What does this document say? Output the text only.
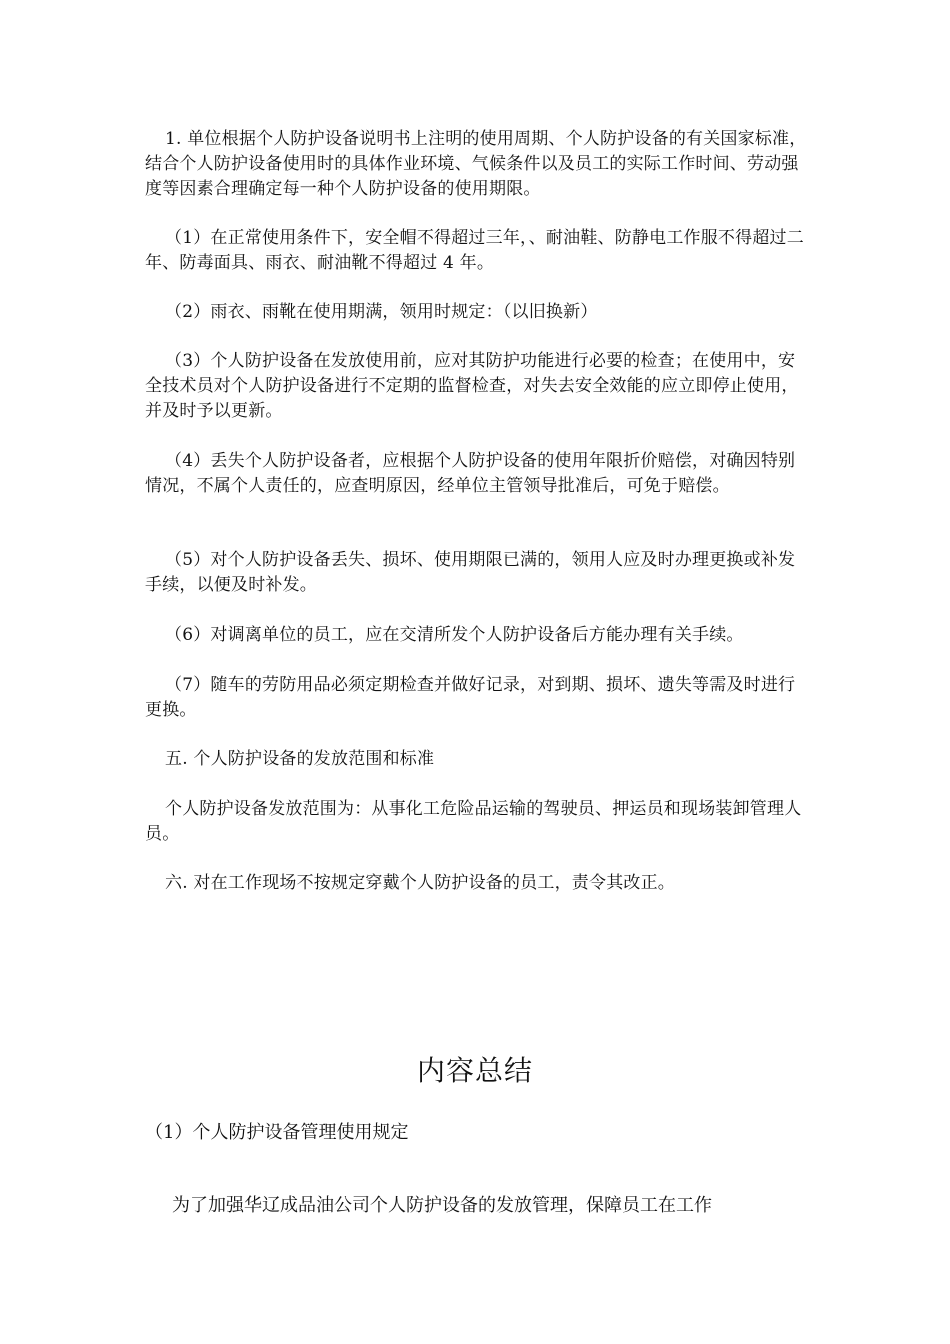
1. 单位根据个人防护设备说明书上注明的使用周期、个人防护设备的有关国家标准，结合个人防护设备使用时的具体作业环境、气候条件以及员工的实际工作时间、劳动强度等因素合理确定每一种个人防护设备的使用期限。

（1）在正常使用条件下，安全帽不得超过三年，、耐油鞋、防静电工作服不得超过二年、防毒面具、雨衣、耐油靴不得超过 4 年。

（2）雨衣、雨靴在使用期满，领用时规定：（以旧换新）

（3）个人防护设备在发放使用前，应对其防护功能进行必要的检查；在使用中，安全技术员对个人防护设备进行不定期的监督检查，对失去安全效能的应立即停止使用，并及时予以更新。

（4）丢失个人防护设备者，应根据个人防护设备的使用年限折价赔偿，对确因特别情况，不属个人责任的，应查明原因，经单位主管领导批准后，可免于赔偿。

（5）对个人防护设备丢失、损坏、使用期限已满的，领用人应及时办理更换或补发手续，以便及时补发。

（6）对调离单位的员工，应在交清所发个人防护设备后方能办理有关手续。

（7）随车的劳防用品必须定期检查并做好记录，对到期、损坏、遗失等需及时进行更换。

五. 个人防护设备的发放范围和标准

个人防护设备发放范围为：从事化工危险品运输的驾驶员、押运员和现场装卸管理人员。

六. 对在工作现场不按规定穿戴个人防护设备的员工，责令其改正。

内容总结

（1）个人防护设备管理使用规定

为了加强华辽成品油公司个人防护设备的发放管理，保障员工在工作
